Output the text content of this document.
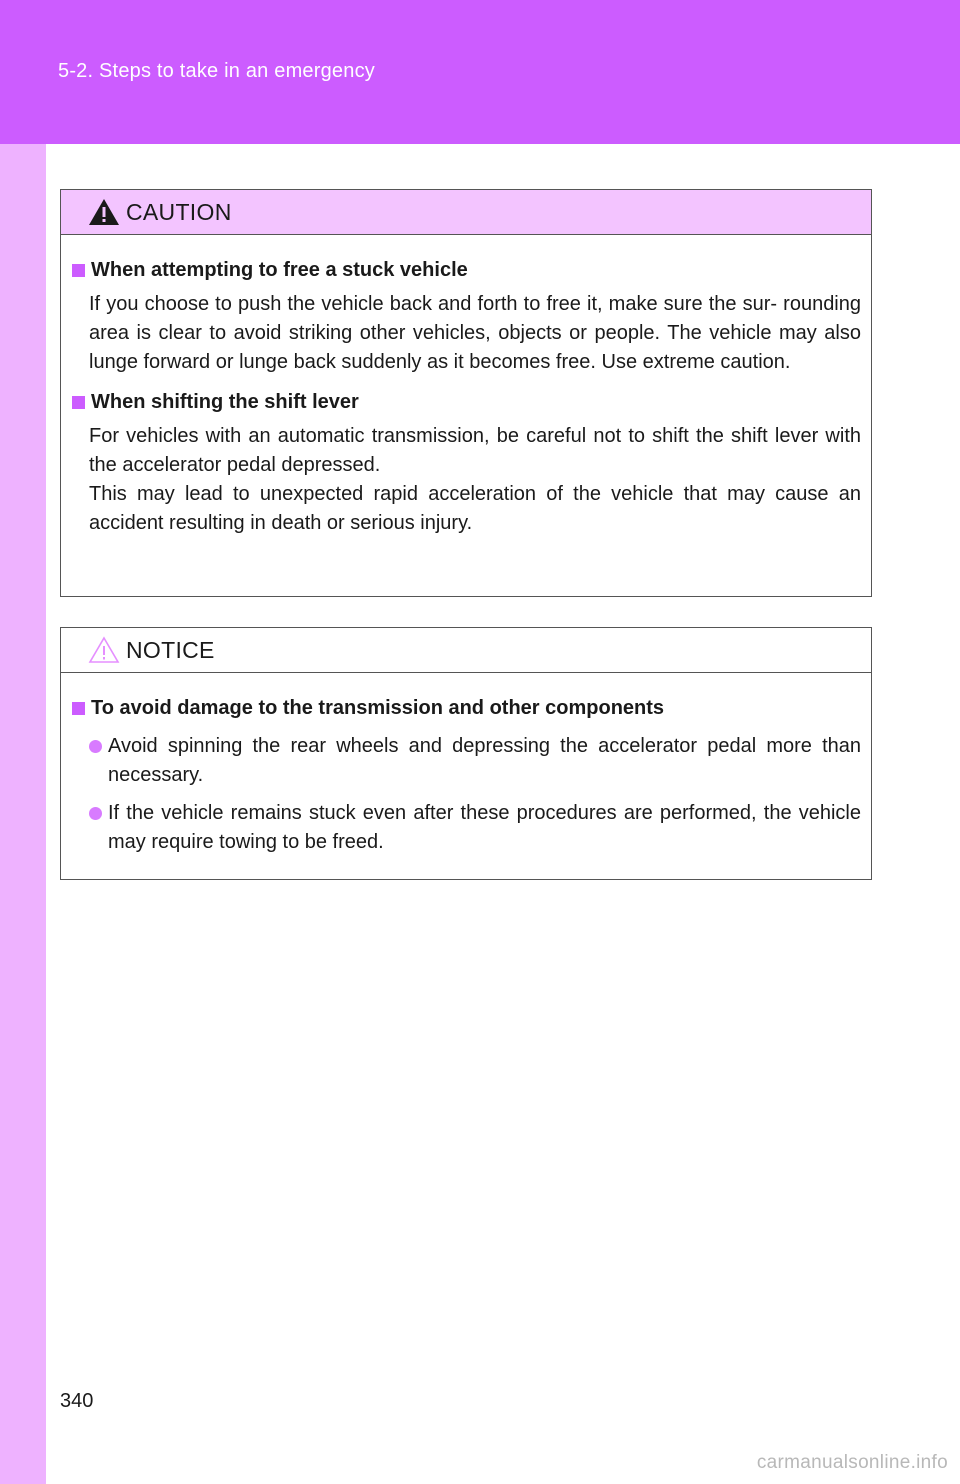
5-2. Steps to take in an emergency
CAUTION
When attempting to free a stuck vehicle

If you choose to push the vehicle back and forth to free it, make sure the sur- rounding area is clear to avoid striking other vehicles, objects or people. The vehicle may also lunge forward or lunge back suddenly as it becomes free. Use extreme caution.

When shifting the shift lever

For vehicles with an automatic transmission, be careful not to shift the shift lever with the accelerator pedal depressed.

This may lead to unexpected rapid acceleration of the vehicle that may cause an accident resulting in death or serious injury.

NOTICE
To avoid damage to the transmission and other components
Avoid spinning the rear wheels and depressing the accelerator pedal more than necessary.
If the vehicle remains stuck even after these procedures are performed, the vehicle may require towing to be freed.
340
carmanualsonline.info
